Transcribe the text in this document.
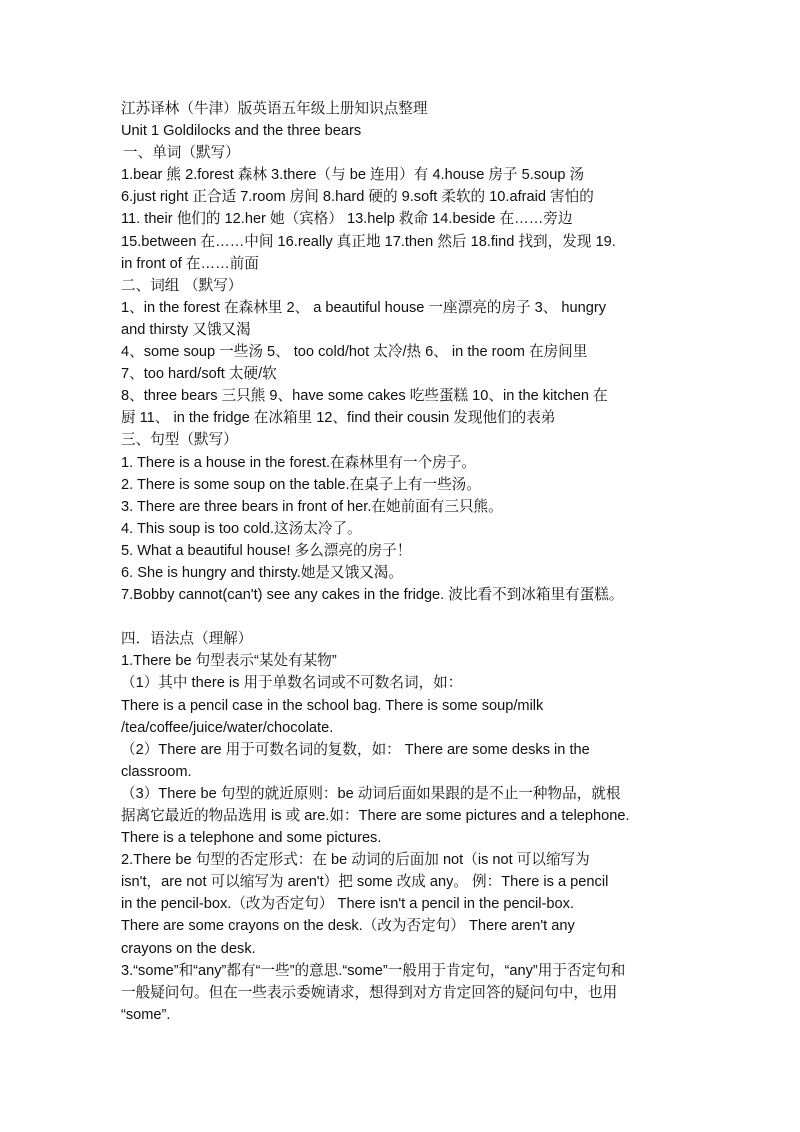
江苏译林（牛津）版英语五年级上册知识点整理

Unit 1 Goldilocks and the three bears

一、单词（默写）

1.bear 熊 2.forest 森林 3.there（与 be 连用）有 4.house 房子 5.soup 汤

6.just right 正合适 7.room 房间 8.hard 硬的 9.soft 柔软的 10.afraid 害怕的

11. their 他们的 12.her 她（宾格） 13.help 救命 14.beside 在……旁边

15.between 在……中间 16.really 真正地 17.then 然后 18.find 找到，发现 19.

in front of 在……前面

二、词组 （默写）

1、in the forest 在森林里 2、 a beautiful house 一座漂亮的房子 3、 hungry

and thirsty 又饿又渴

4、some soup 一些汤 5、 too cold/hot 太冷/热 6、 in the room 在房间里

7、too hard/soft 太硬/软

8、three bears 三只熊 9、have some cakes 吃些蛋糕 10、in the kitchen 在

厨 11、 in the fridge 在冰箱里 12、find their cousin 发现他们的表弟

三、句型（默写）

1. There is a house in the forest.在森林里有一个房子。

2. There is some soup on the table.在桌子上有一些汤。

3. There are three bears in front of her.在她前面有三只熊。

4. This soup is too cold.这汤太冷了。

5. What a beautiful house! 多么漂亮的房子！

6. She is hungry and thirsty.她是又饿又渴。

7.Bobby cannot(can't) see any cakes in the fridge. 波比看不到冰箱里有蛋糕。

四．语法点（理解）

1.There be 句型表示“某处有某物”

（1）其中 there is 用于单数名词或不可数名词，如：

There is a pencil case in the school bag. There is some soup/milk

/tea/coffee/juice/water/chocolate.

（2）There are 用于可数名词的复数，如： There are some desks in the

classroom.

（3）There be 句型的就近原则：be 动词后面如果跟的是不止一种物品，就根

据离它最近的物品选用 is 或 are.如：There are some pictures and a telephone.

There is a telephone and some pictures.

2.There be 句型的否定形式：在 be 动词的后面加 not（is not 可以缩写为

isn't，are not 可以缩写为 aren't）把 some 改成 any。 例：There is a pencil

in the pencil-box.（改为否定句） There isn't a pencil in the pencil-box.

There are some crayons on the desk.（改为否定句） There aren't any

crayons on the desk.

3.“some”和“any”都有“一些”的意思.“some”一般用于肯定句，“any”用于否定句和

一般疑问句。但在一些表示委婉请求，想得到对方肯定回答的疑问句中，也用

“some”.
